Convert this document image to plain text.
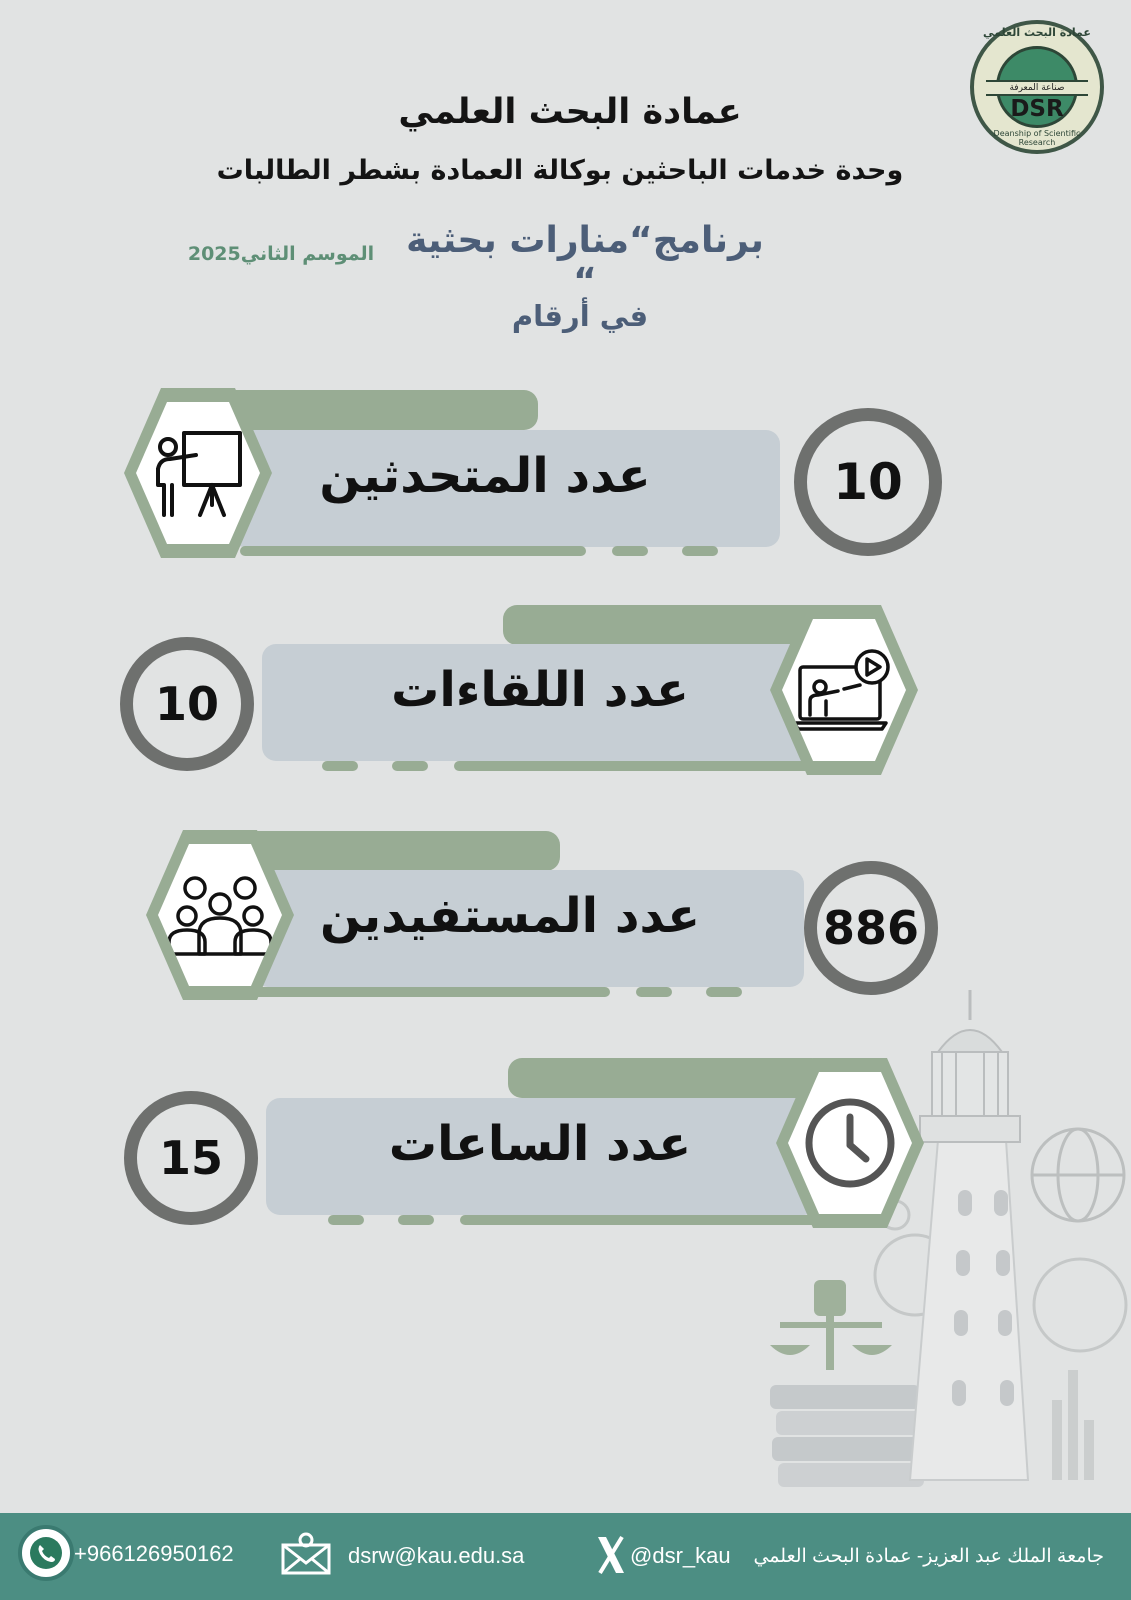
عمادة البحث العلمي
صناعة المعرفة
DSR
Deanship of Scientific Research
عمادة البحث العلمي
وحدة خدمات الباحثين بوكالة العمادة بشطر الطالبات
برنامج“منارات بحثية “
الموسم الثاني2025
في أرقام
عدد المتحدثين	10
عدد اللقاءات
10
عدد المستفيدين	886
عدد الساعات
15
+966126950162	dsrw@kau.edu.sa	@dsr_kau جامعة الملك عبد العزيز- عمادة البحث العلمي
